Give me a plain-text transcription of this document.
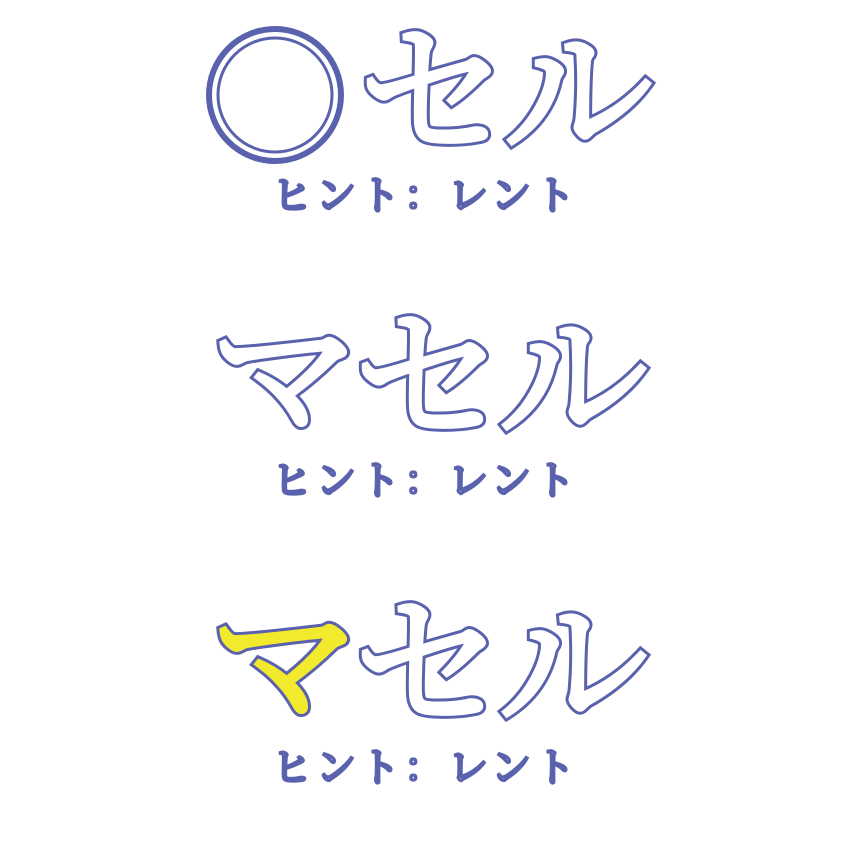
セル
ヒント：レント
マ セル
ヒント：レント
マ セル
ヒント：レント
